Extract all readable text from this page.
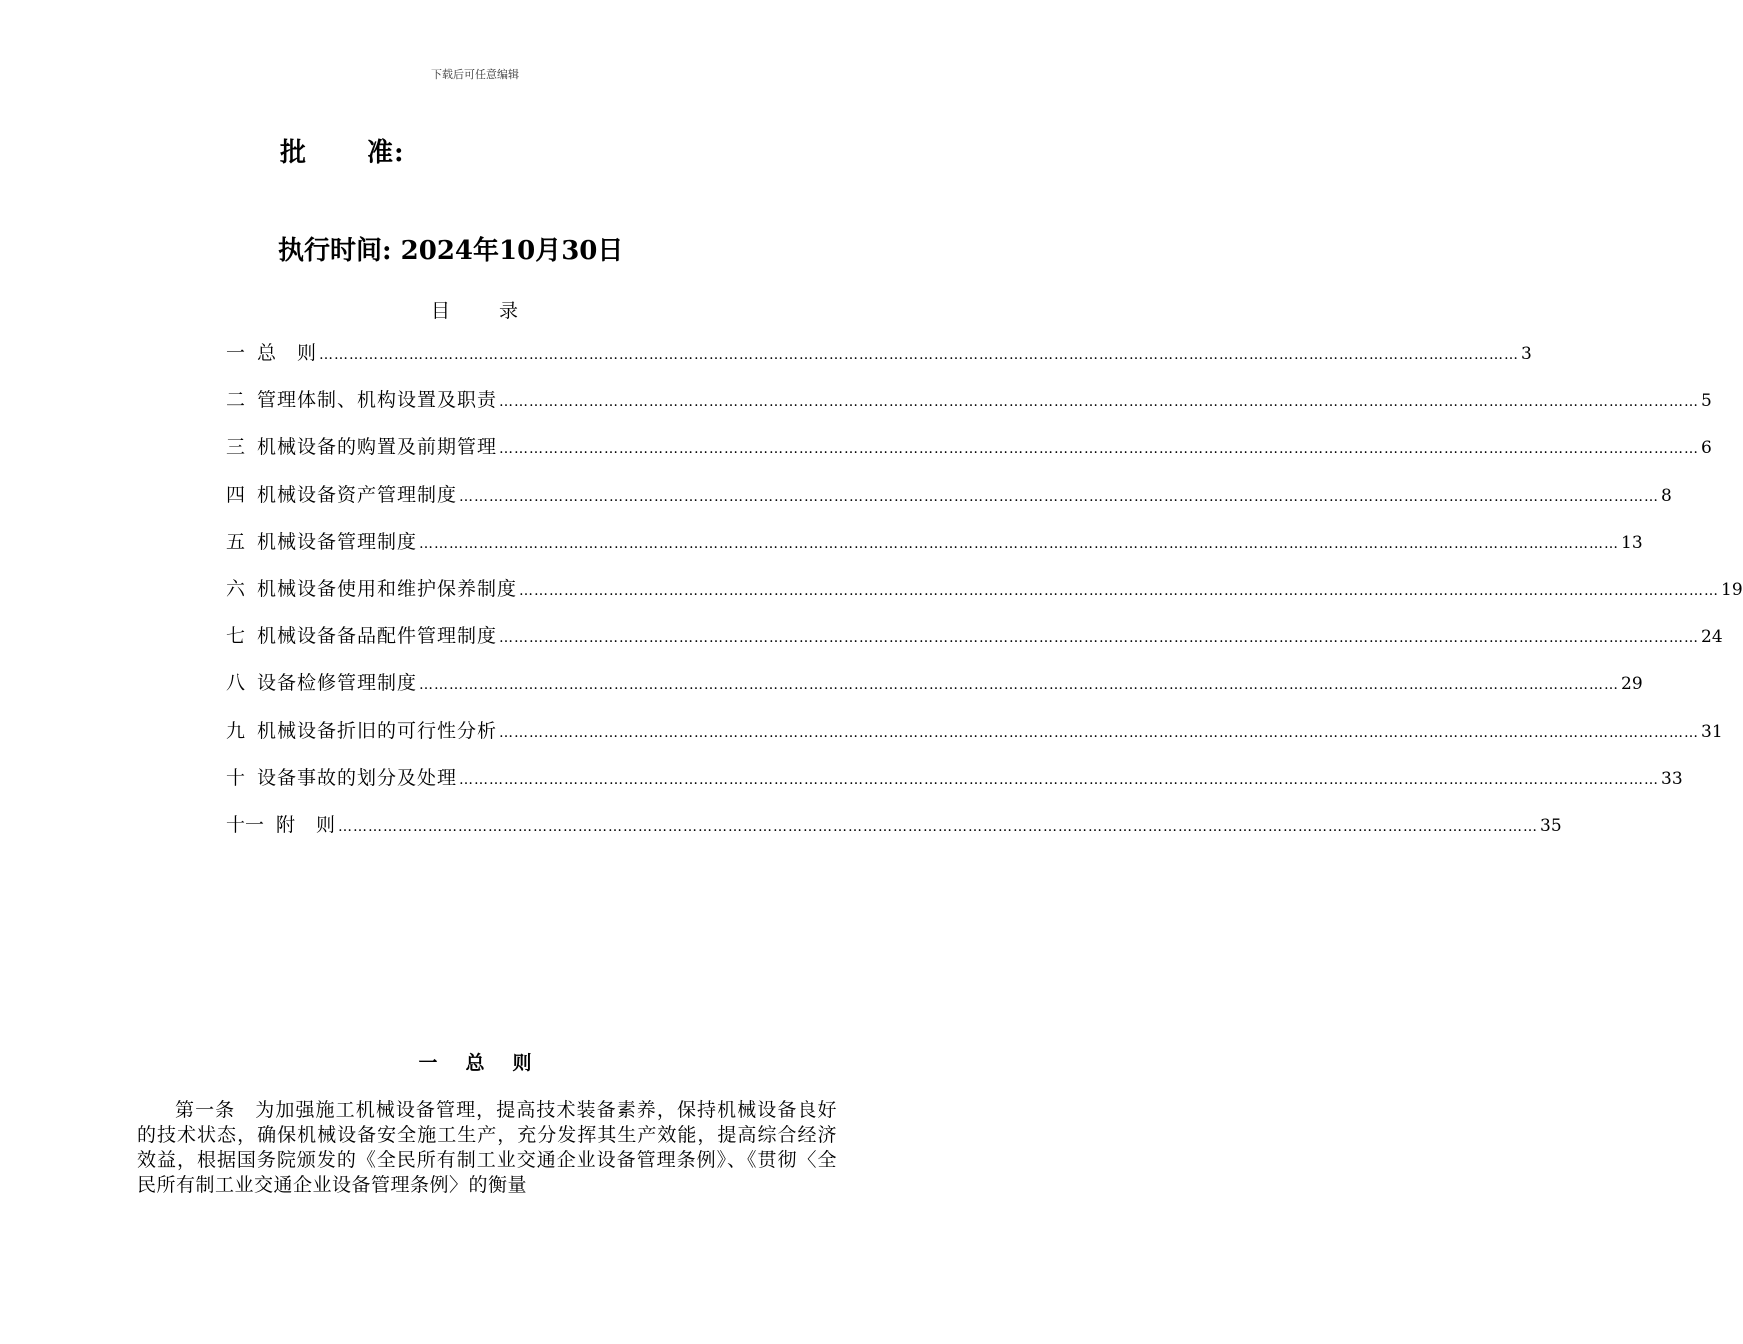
下载后可任意编辑
批 准:
执行时间: 2024年10月30日
目	录
一 总　则 …………………………………………………………………………………………………………………………………………………………………………………………………………………… 3
二 管理体制、机构设置及职责 …………………………………………………………………………………………………………………………………………………………………………………………………………………… 5
三 机械设备的购置及前期管理 …………………………………………………………………………………………………………………………………………………………………………………………………………………… 6
四 机械设备资产管理制度 …………………………………………………………………………………………………………………………………………………………………………………………………………………… 8
五 机械设备管理制度 …………………………………………………………………………………………………………………………………………………………………………………………………………………… 13
六 机械设备使用和维护保养制度 …………………………………………………………………………………………………………………………………………………………………………………………………………………… 19
七 机械设备备品配件管理制度 …………………………………………………………………………………………………………………………………………………………………………………………………………………… 24
八 设备检修管理制度 …………………………………………………………………………………………………………………………………………………………………………………………………………………… 29
九 机械设备折旧的可行性分析 …………………………………………………………………………………………………………………………………………………………………………………………………………………… 31
十 设备事故的划分及处理 …………………………………………………………………………………………………………………………………………………………………………………………………………………… 33
十一 附　则 …………………………………………………………………………………………………………………………………………………………………………………………………………………… 35
一 总 则

第一条　为加强施工机械设备管理，提高技术装备素养，保持机械设备良好的技术状态，确保机械设备安全施工生产，充分发挥其生产效能，提高综合经济效益，根据国务院颁发的《全民所有制工业交通企业设备管理条例》、《贯彻〈全民所有制工业交通企业设备管理条例〉的衡量
